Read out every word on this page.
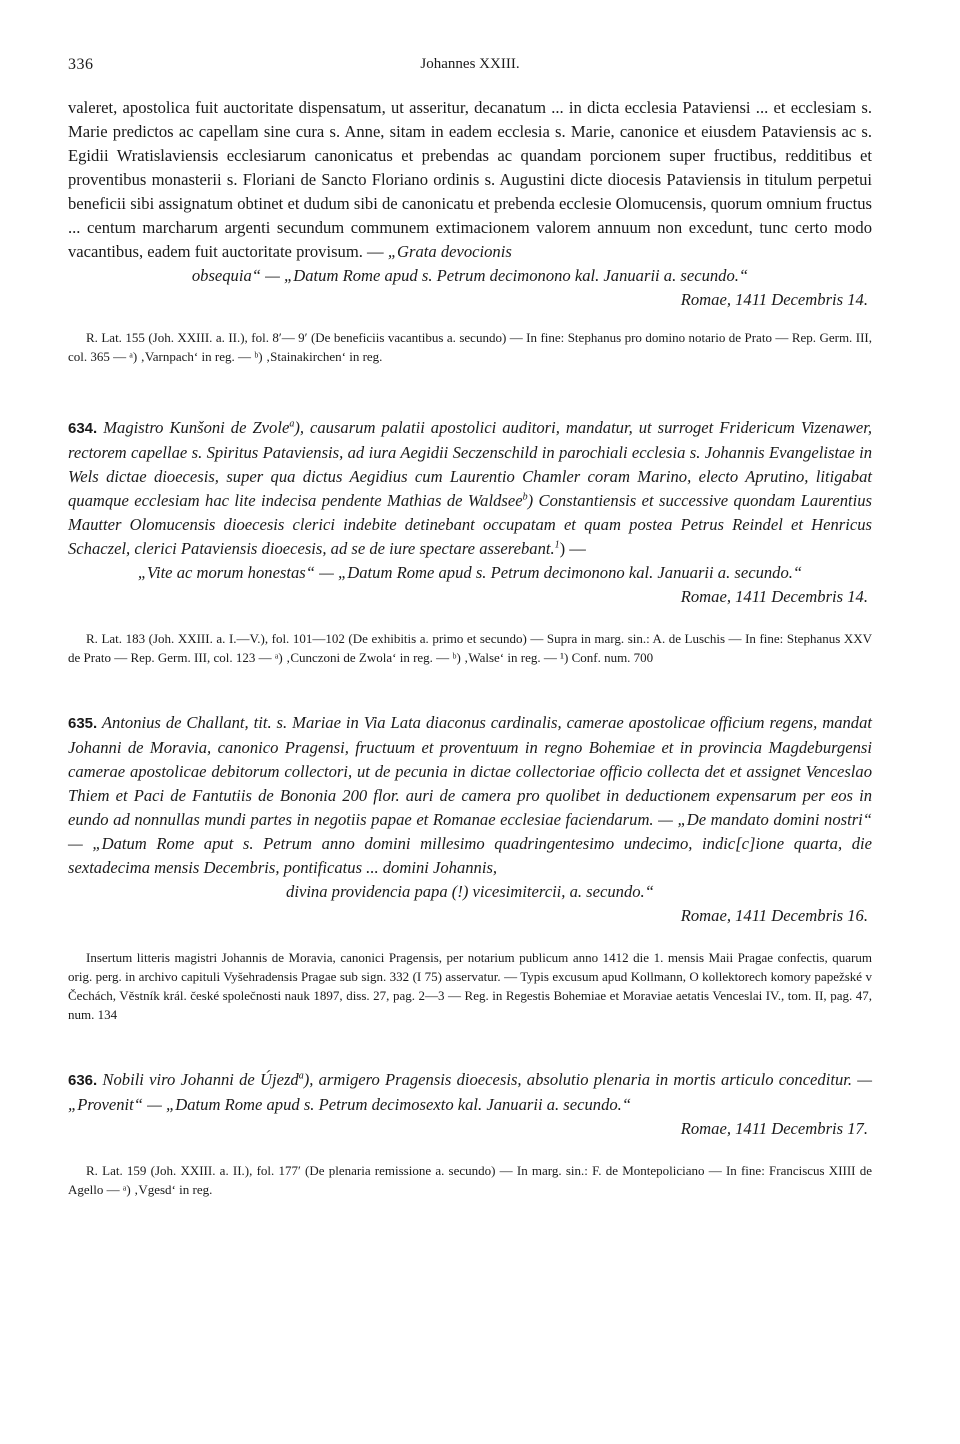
336	Johannes XXIII.

valeret, apostolica fuit auctoritate dispensatum, ut asseritur, decanatum ... in dicta ecclesia Pataviensi ... et ecclesiam s. Marie predictos ac capellam sine cura s. Anne, sitam in eadem ecclesia s. Marie, canonice et eiusdem Pataviensis ac s. Egidii Wratislaviensis ecclesiarum canonicatus et prebendas ac quandam porcionem super fructibus, redditibus et proventibus monasterii s. Floriani de Sancto Floriano ordinis s. Augustini dicte diocesis Pataviensis in titulum perpetui beneficii sibi assignatum obtinet et dudum sibi de canonicatu et prebenda ecclesie Olomucensis, quorum omnium fructus ... centum marcharum argenti secundum communem extimacionem valorem annuum non excedunt, tunc certo modo vacantibus, eadem fuit auctoritate provisum. — „Grata devocionis
obsequia“ — „Datum Rome apud s. Petrum decimonono kal. Januarii a. secundo.“

Romae, 1411 Decembris 14.

R. Lat. 155 (Joh. XXIII. a. II.), fol. 8′— 9′ (De beneficiis vacantibus a. secundo) — In fine: Stephanus pro domino notario de Prato — Rep. Germ. III, col. 365 — ᵃ) ‚Varnpach‘ in reg. — ᵇ) ‚Stainakirchen‘ in reg.

634. Magistro Kunšoni de Zvole$^a$), causarum palatii apostolici auditori, mandatur, ut surroget Fridericum Vizenawer, rectorem capellae s. Spiritus Pataviensis, ad iura Aegidii Seczenschild in parochiali ecclesia s. Johannis Evangelistae in Wels dictae dioecesis, super qua dictus Aegidius cum Laurentio Chamler coram Marino, electo Aprutino, litigabat quamque ecclesiam hac lite indecisa pendente Mathias de Waldsee$^b$) Constantiensis et successive quondam Laurentius Mautter Olomucensis dioecesis clerici indebite detinebant occupatam et quam postea Petrus Reindel et Henricus Schaczel, clerici Pataviensis dioecesis, ad se de iure spectare asserebant.$^1$) —
„Vite ac morum honestas“ — „Datum Rome apud s. Petrum decimonono kal. Januarii a. secundo.“

Romae, 1411 Decembris 14.

R. Lat. 183 (Joh. XXIII. a. I.—V.), fol. 101—102 (De exhibitis a. primo et secundo) — Supra in marg. sin.: A. de Luschis — In fine: Stephanus XXV de Prato — Rep. Germ. III, col. 123 — ᵃ) ‚Cunczoni de Zwola‘ in reg. — ᵇ) ‚Walse‘ in reg. — ¹) Conf. num. 700

635. Antonius de Challant, tit. s. Mariae in Via Lata diaconus cardinalis, camerae apostolicae officium regens, mandat Johanni de Moravia, canonico Pragensi, fructuum et proventuum in regno Bohemiae et in provincia Magdeburgensi camerae apostolicae debitorum collectori, ut de pecunia in dictae collectoriae officio collecta det et assignet Venceslao Thiem et Paci de Fantutiis de Bononia 200 flor. auri de camera pro quolibet in deductionem expensarum per eos in eundo ad nonnullas mundi partes in negotiis papae et Romanae ecclesiae faciendarum. — „De mandato domini nostri“ — „Datum Rome aput s. Petrum anno domini millesimo quadringentesimo undecimo, indic[c]ione quarta, die sextadecima mensis Decembris, pontificatus ... domini Johannis,
divina providencia papa (!) vicesimitercii, a. secundo.“

Romae, 1411 Decembris 16.

Insertum litteris magistri Johannis de Moravia, canonici Pragensis, per notarium publicum anno 1412 die 1. mensis Maii Pragae confectis, quarum orig. perg. in archivo capituli Vyšehradensis Pragae sub sign. 332 (I 75) asservatur. — Typis excusum apud Kollmann, O kollektorech komory papežské v Čechách, Věstník král. české společnosti nauk 1897, diss. 27, pag. 2—3 — Reg. in Regestis Bohemiae et Moraviae aetatis Venceslai IV., tom. II, pag. 47, num. 134

636. Nobili viro Johanni de Újezd$^a$), armigero Pragensis dioecesis, absolutio plenaria in mortis articulo conceditur. — „Provenit“ — „Datum Rome apud s. Petrum decimosexto kal. Januarii a. secundo.“

Romae, 1411 Decembris 17.

R. Lat. 159 (Joh. XXIII. a. II.), fol. 177′ (De plenaria remissione a. secundo) — In marg. sin.: F. de Montepoliciano — In fine: Franciscus XIIII de Agello — ᵃ) ‚Vgesd‘ in reg.
